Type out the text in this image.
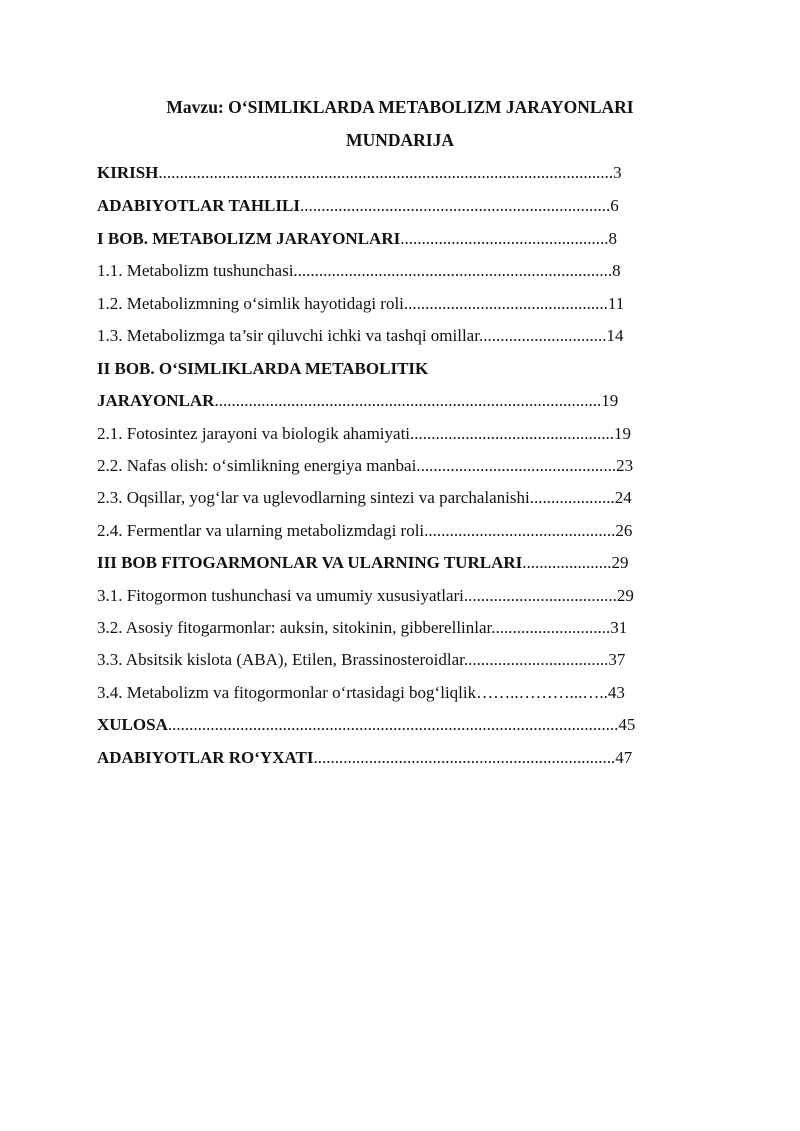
Mavzu: O‘SIMLIKLARDA METABOLIZM JARAYONLARI
MUNDARIJA
KIRISH...........................................................................................................3
ADABIYOTLAR TAHLILI.........................................................................6
I BOB. METABOLIZM JARAYONLARI.................................................8
1.1. Metabolizm tushunchasi...........................................................................8
1.2. Metabolizmning o‘simlik hayotidagi roli................................................11
1.3. Metabolizmga ta’sir qiluvchi ichki va tashqi omillar..............................14
II BOB. O‘SIMLIKLARDA METABOLITIK
JARAYONLAR...........................................................................................19
2.1. Fotosintez jarayoni va biologik ahamiyati................................................19
2.2. Nafas olish: o‘simlikning energiya manbai...............................................23
2.3. Oqsillar, yog‘lar va uglevodlarning sintezi va parchalanishi....................24
2.4. Fermentlar va ularning metabolizmdagi roli.............................................26
III BOB FITOGARMONLAR VA ULARNING TURLARI.....................29
3.1. Fitogormon tushunchasi va umumiy xususiyatlari....................................29
3.2. Asosiy fitogarmonlar: auksin, sitokinin, gibberellinlar............................31
3.3. Absitsik kislota (ABA), Etilen, Brassinosteroidlar..................................37
3.4. Metabolizm va fitogormonlar o‘rtasidagi bog‘liqlik……..………...…..43
XULOSA..........................................................................................................45
ADABIYOTLAR RO‘YXATI.......................................................................47
